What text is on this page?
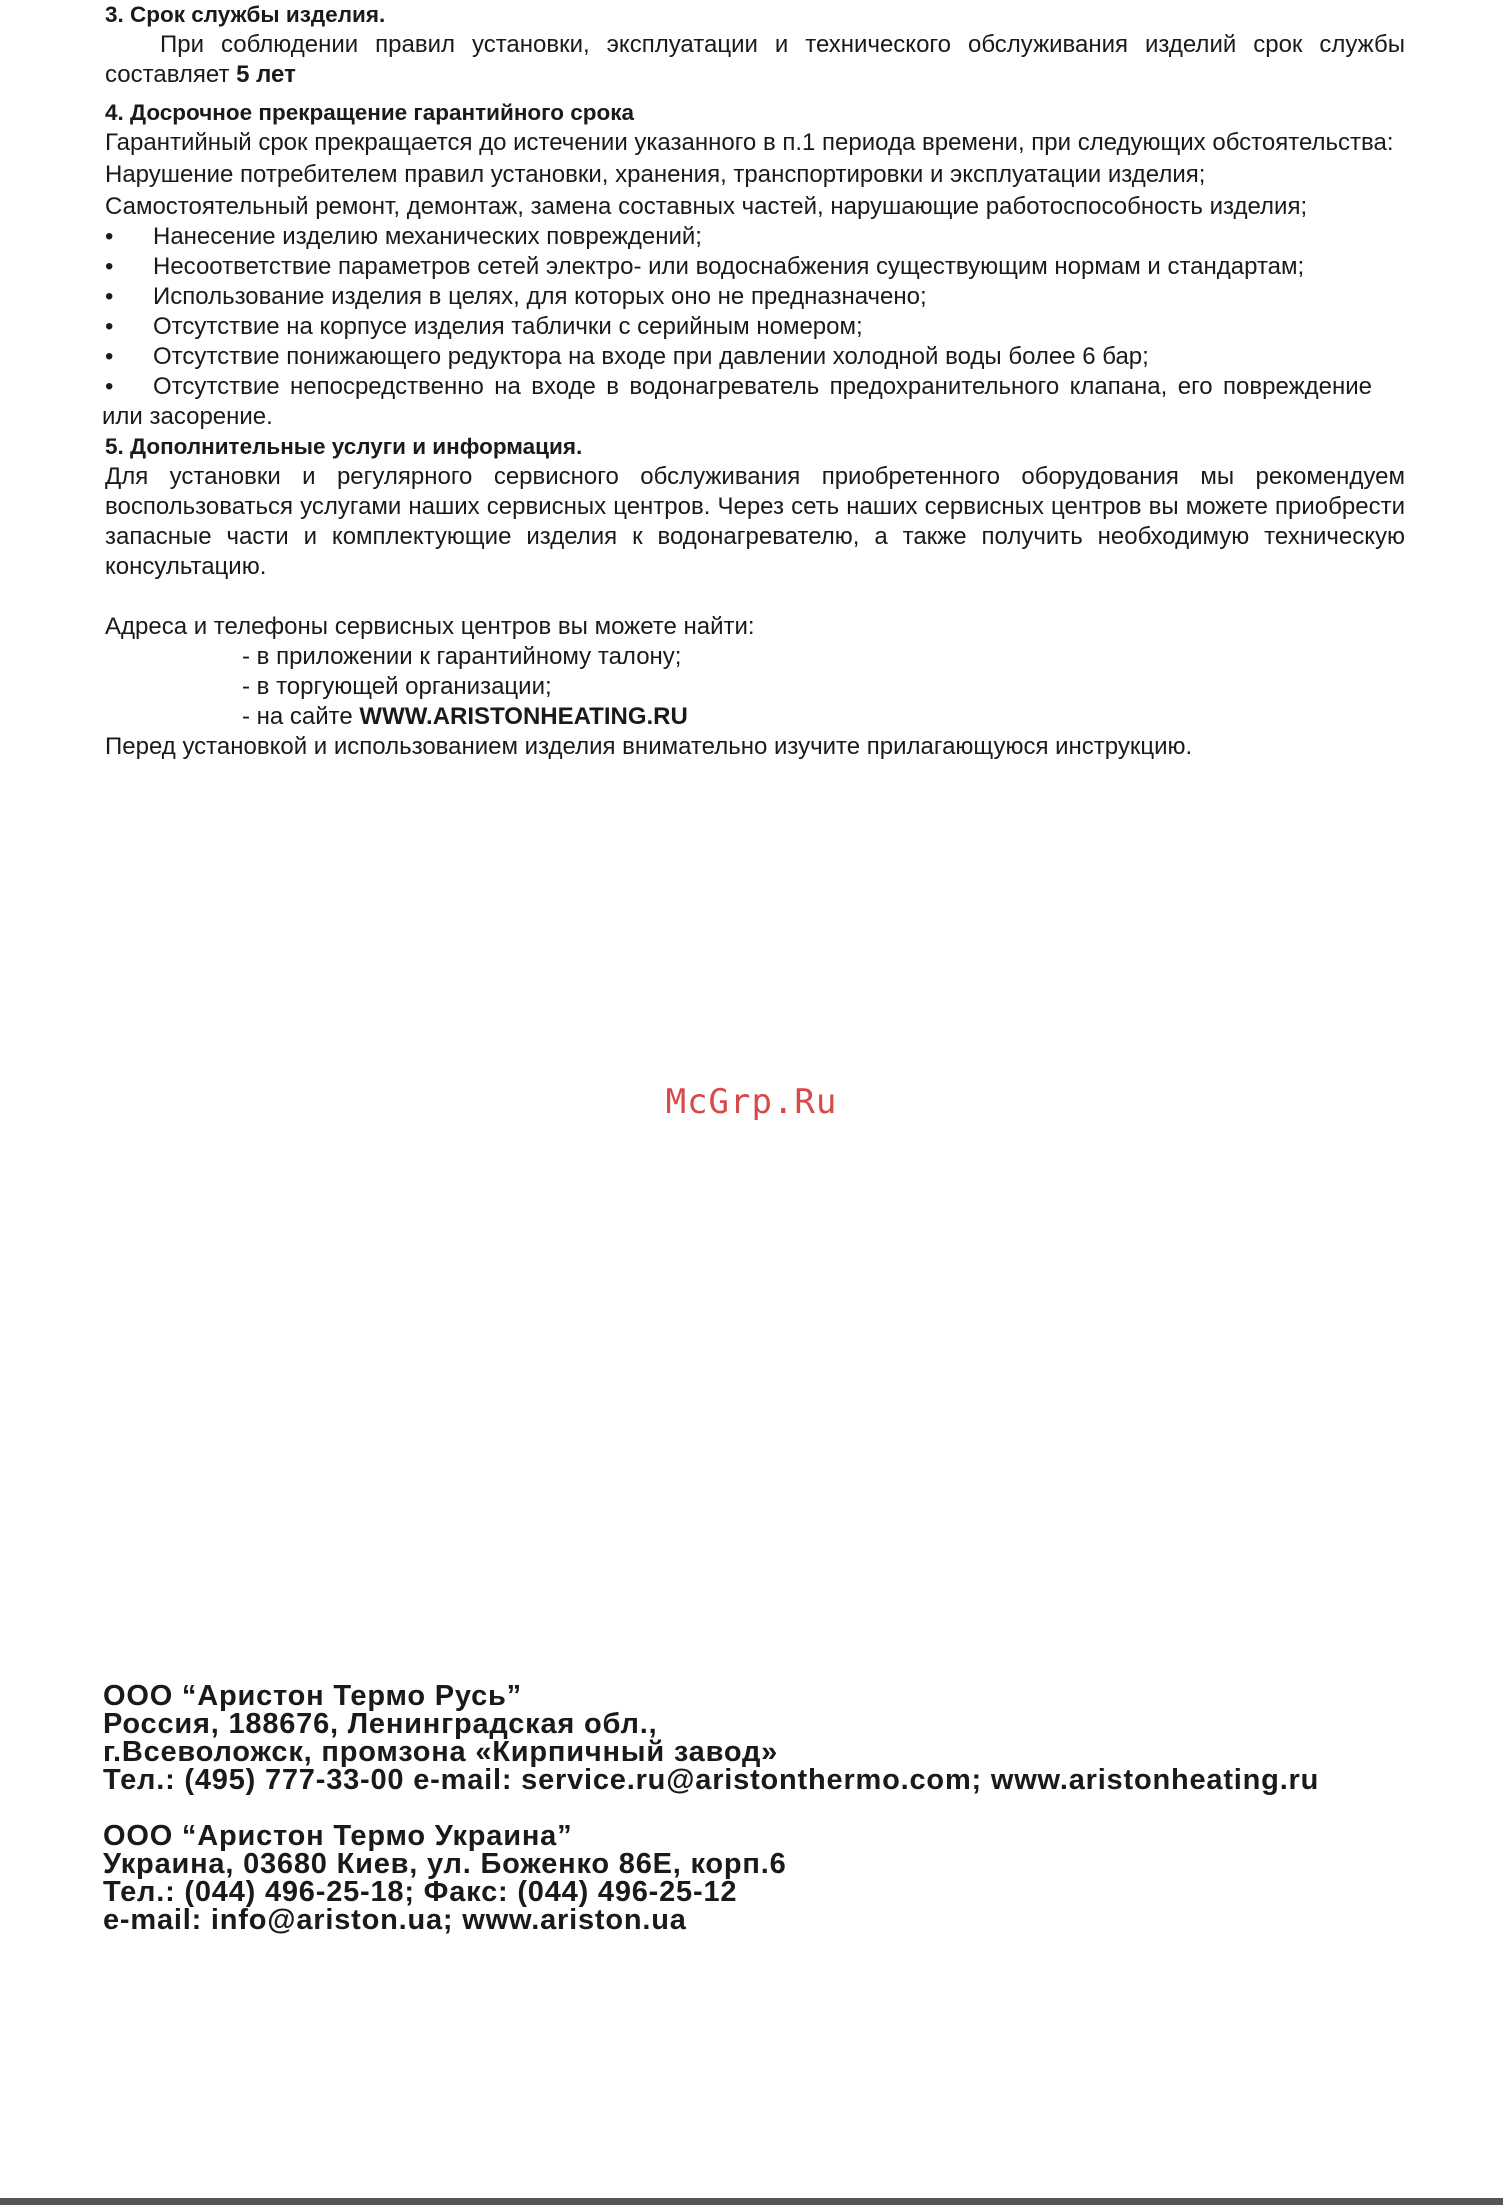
3. Срок службы изделия.

При соблюдении правил установки, эксплуатации и технического обслуживания изделий срок службы составляет 5 лет

4. Досрочное прекращение гарантийного срока

Гарантийный срок прекращается до истечении указанного в п.1 периода времени, при следующих обстоятельства:

Нарушение потребителем правил установки, хранения, транспортировки и эксплуатации изделия;

Самостоятельный ремонт, демонтаж, замена составных частей, нарушающие работоспособность изделия;

• Нанесение изделию механических повреждений;

•	Несоответствие параметров сетей электро- или водоснабжения существующим нормам и стандартам;

• Использование изделия в целях, для которых оно не предназначено;

• Отсутствие на корпусе изделия таблички с серийным номером;

• Отсутствие понижающего редуктора на входе при давлении холодной воды более 6 бар;

•	Отсутствие непосредственно на входе в водонагреватель предохранительного клапана, его повреждение или засорение.

5. Дополнительные услуги и информация.

Для установки и регулярного сервисного обслуживания приобретенного оборудования мы рекомендуем воспользоваться услугами наших сервисных центров. Через сеть наших сервисных центров вы можете приобрести запасные части и комплектующие изделия к водонагревателю, а также получить необходимую техническую консультацию.

Адреса и телефоны сервисных центров вы можете найти:

- в приложении к гарантийному талону;

- в торгующей организации;

- на сайте WWW.ARISTONHEATING.RU

Перед установкой и использованием изделия внимательно изучите прилагающуюся инструкцию.

McGrp.Ru

ООО “Аристон Термо Русь”

Россия, 188676, Ленинградская обл.,

г.Всеволожск, промзона «Кирпичный завод»

Тел.: (495) 777-33-00 e-mail: service.ru@aristonthermo.com; www.aristonheating.ru

ООО “Аристон Термо Украина”

Украина, 03680 Киев, ул. Боженко 86Е, корп.6

Тел.: (044) 496-25-18; Факс: (044) 496-25-12

e-mail: info@ariston.ua; www.ariston.ua
